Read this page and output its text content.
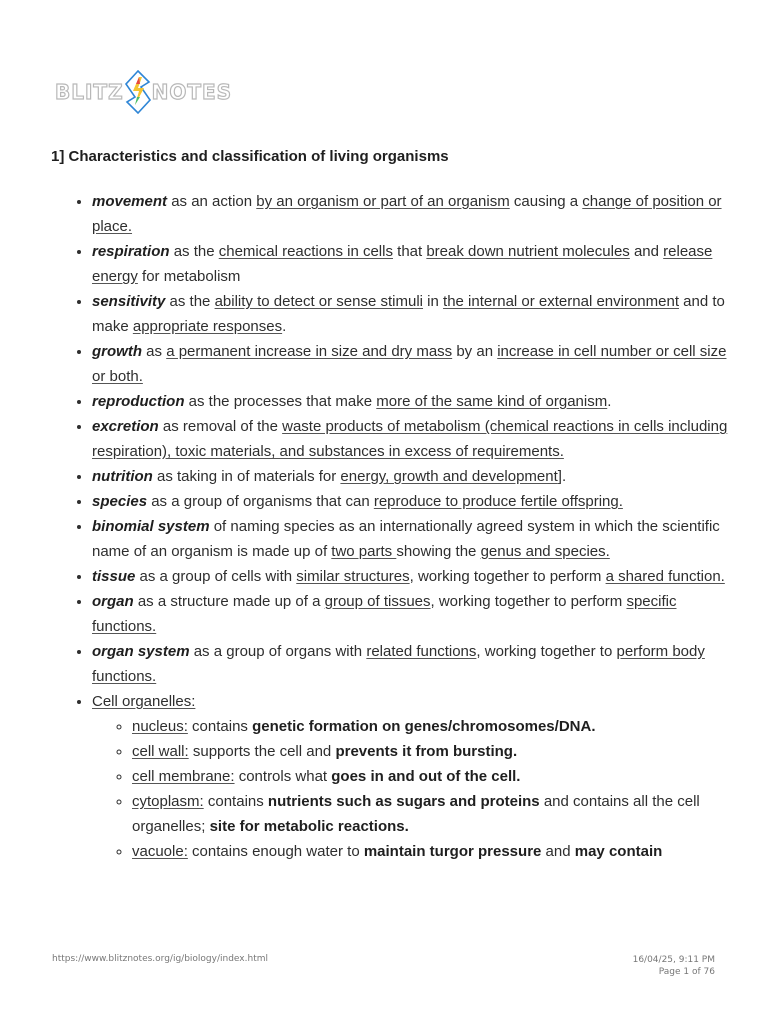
BLITZ NOTES
1] Characteristics and classification of living organisms
• movement as an action by an organism or part of an organism causing a change of position or place.
• respiration as the chemical reactions in cells that break down nutrient molecules and release energy for metabolism
• sensitivity as the ability to detect or sense stimuli in the internal or external environment and to make appropriate responses.
• growth as a permanent increase in size and dry mass by an increase in cell number or cell size or both.
• reproduction as the processes that make more of the same kind of organism.
• excretion as removal of the waste products of metabolism (chemical reactions in cells including respiration), toxic materials, and substances in excess of requirements.
• nutrition as taking in of materials for energy, growth and development].
• species as a group of organisms that can reproduce to produce fertile offspring.
• binomial system of naming species as an internationally agreed system in which the scientific name of an organism is made up of two parts showing the genus and species.
• tissue as a group of cells with similar structures, working together to perform a shared function.
• organ as a structure made up of a group of tissues, working together to perform specific functions.
• organ system as a group of organs with related functions, working together to perform body functions.
• Cell organelles:
◦ nucleus: contains genetic formation on genes/chromosomes/DNA.
◦ cell wall: supports the cell and prevents it from bursting.
◦ cell membrane: controls what goes in and out of the cell.
◦ cytoplasm: contains nutrients such as sugars and proteins and contains all the cell organelles; site for metabolic reactions.
◦ vacuole: contains enough water to maintain turgor pressure and may contain
https://www.blitznotes.org/ig/biology/index.html	16/04/25, 9:11 PM
Page 1 of 76
